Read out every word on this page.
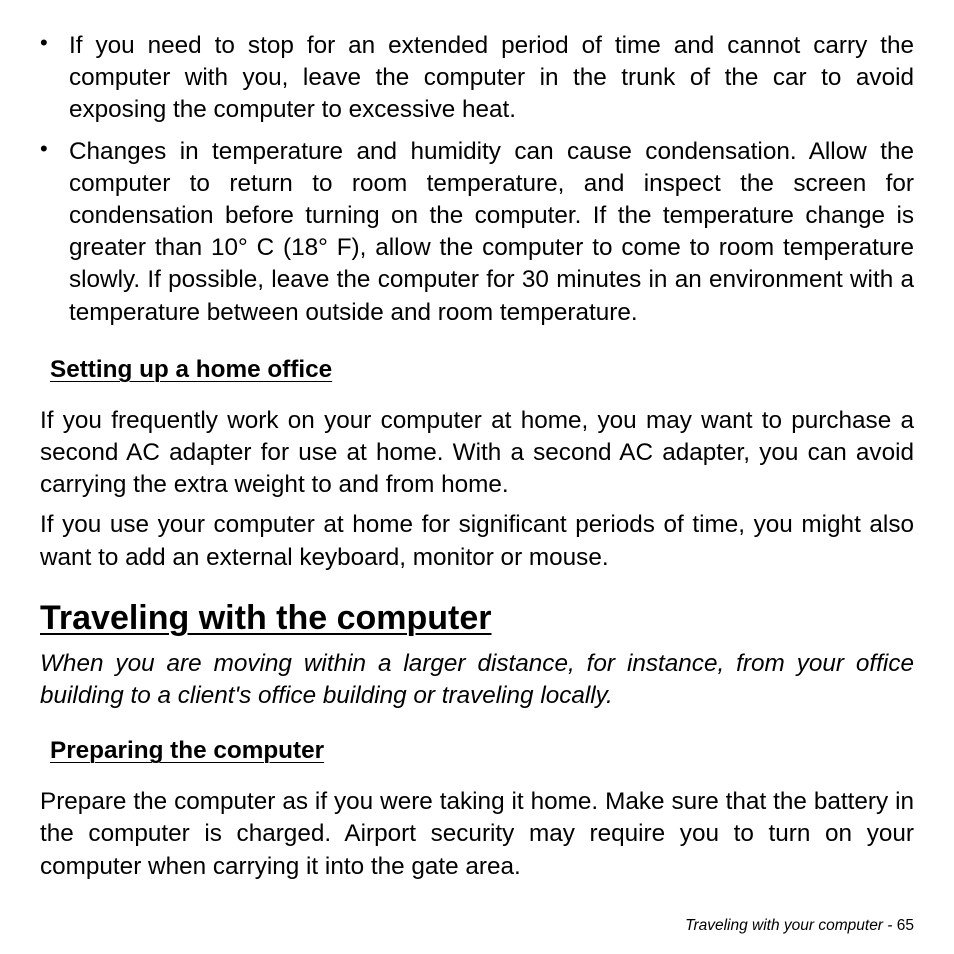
• If you need to stop for an extended period of time and cannot carry the computer with you, leave the computer in the trunk of the car to avoid exposing the computer to excessive heat.

• Changes in temperature and humidity can cause condensation. Allow the computer to return to room temperature, and inspect the screen for condensation before turning on the computer. If the temperature change is greater than 10° C (18° F), allow the computer to come to room temperature slowly. If possible, leave the computer for 30 minutes in an environment with a temperature between outside and room temperature.

Setting up a home office

If you frequently work on your computer at home, you may want to purchase a second AC adapter for use at home. With a second AC adapter, you can avoid carrying the extra weight to and from home.

If you use your computer at home for significant periods of time, you might also want to add an external keyboard, monitor or mouse.

Traveling with the computer

When you are moving within a larger distance, for instance, from your office building to a client's office building or traveling locally.

Preparing the computer

Prepare the computer as if you were taking it home. Make sure that the battery in the computer is charged. Airport security may require you to turn on your computer when carrying it into the gate area.

Traveling with your computer - 65
